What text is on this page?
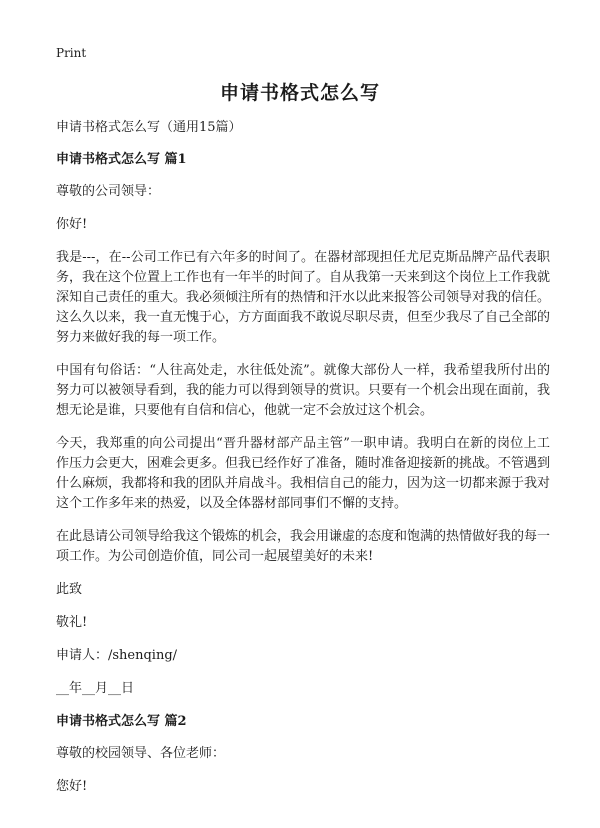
Print
申请书格式怎么写

申请书格式怎么写（通用15篇）

申请书格式怎么写 篇1

尊敬的公司领导：

你好!

我是---，在--公司工作已有六年多的时间了。在器材部现担任尤尼克斯品牌产品代表职务，我在这个位置上工作也有一年半的时间了。自从我第一天来到这个岗位上工作我就深知自己责任的重大。我必须倾注所有的热情和汗水以此来报答公司领导对我的信任。这么久以来，我一直无愧于心，方方面面我不敢说尽职尽责，但至少我尽了自己全部的努力来做好我的每一项工作。

中国有句俗话：“人往高处走，水往低处流”。就像大部份人一样，我希望我所付出的努力可以被领导看到，我的能力可以得到领导的赏识。只要有一个机会出现在面前，我想无论是谁，只要他有自信和信心，他就一定不会放过这个机会。

今天，我郑重的向公司提出“晋升器材部产品主管”一职申请。我明白在新的岗位上工作压力会更大，困难会更多。但我已经作好了准备，随时准备迎接新的挑战。不管遇到什么麻烦，我都将和我的团队并肩战斗。我相信自己的能力，因为这一切都来源于我对这个工作多年来的热爱，以及全体器材部同事们不懈的支持。

在此恳请公司领导给我这个锻炼的机会，我会用谦虚的态度和饱满的热情做好我的每一项工作。为公司创造价值，同公司一起展望美好的未来!

此致

敬礼!

申请人：/shenqing/

__年__月__日

申请书格式怎么写 篇2

尊敬的校园领导、各位老师：

您好!
